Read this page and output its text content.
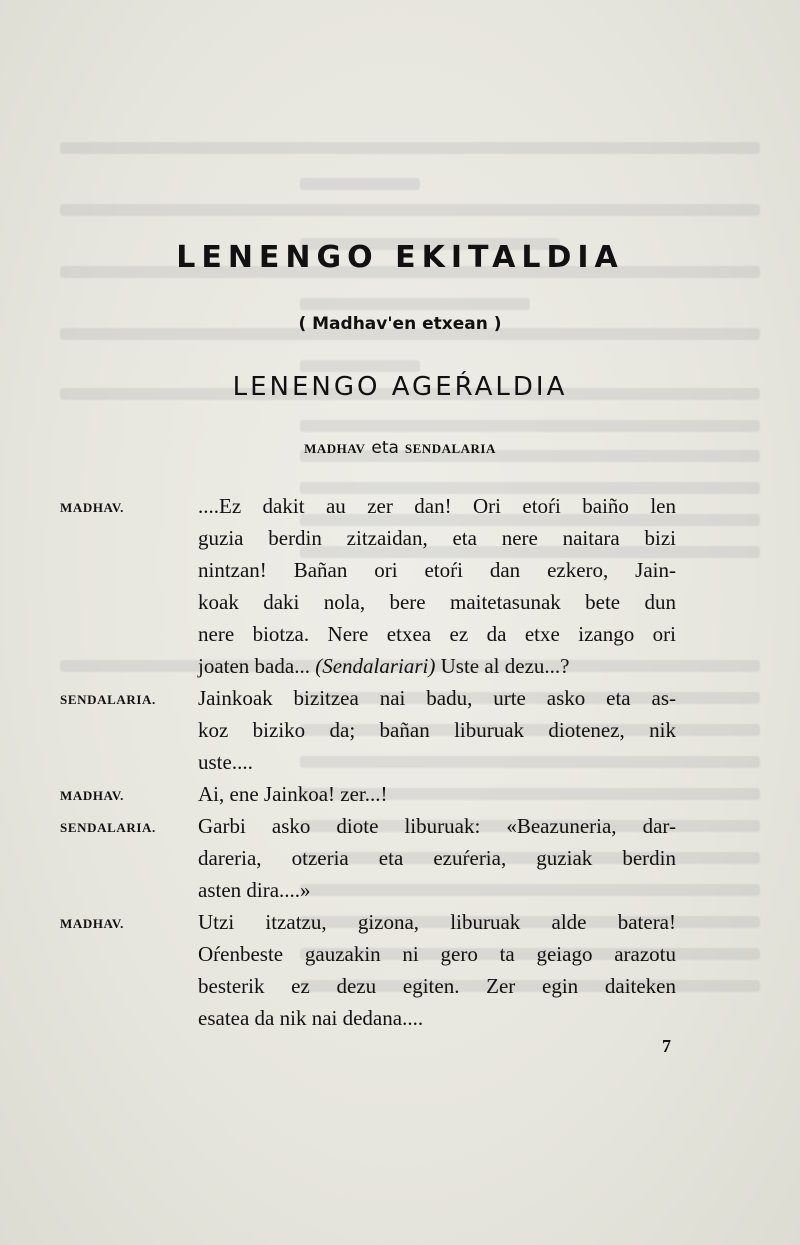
LENENGO EKITALDIA
( Madhav'en etxean )
LENENGO AGEŔALDIA
MADHAV eta SENDALARIA
MADHAV.	....Ez dakit au zer dan! Ori etoŕi baiño len
guzia berdin zitzaidan, eta nere naitara bizi
nintzan! Bañan ori etoŕi dan ezkero, Jain-
koak daki nola, bere maitetasunak bete dun
nere biotza. Nere etxea ez da etxe izango ori
joaten bada... (Sendalariari) Uste al dezu...?
SENDALARIA. Jainkoak bizitzea nai badu, urte asko eta as-
koz biziko da; bañan liburuak diotenez, nik
uste....
MADHAV.	Ai, ene Jainkoa! zer...!
SENDALARIA. Garbi asko diote liburuak: «Beazuneria, dar-
dareria, otzeria eta ezuŕeria, guziak berdin
asten dira....»
MADHAV.	Utzi itzatzu, gizona, liburuak alde batera!
Oŕenbeste gauzakin ni gero ta geiago arazotu
besterik ez dezu egiten. Zer egin daiteken
esatea da nik nai dedana....
7
